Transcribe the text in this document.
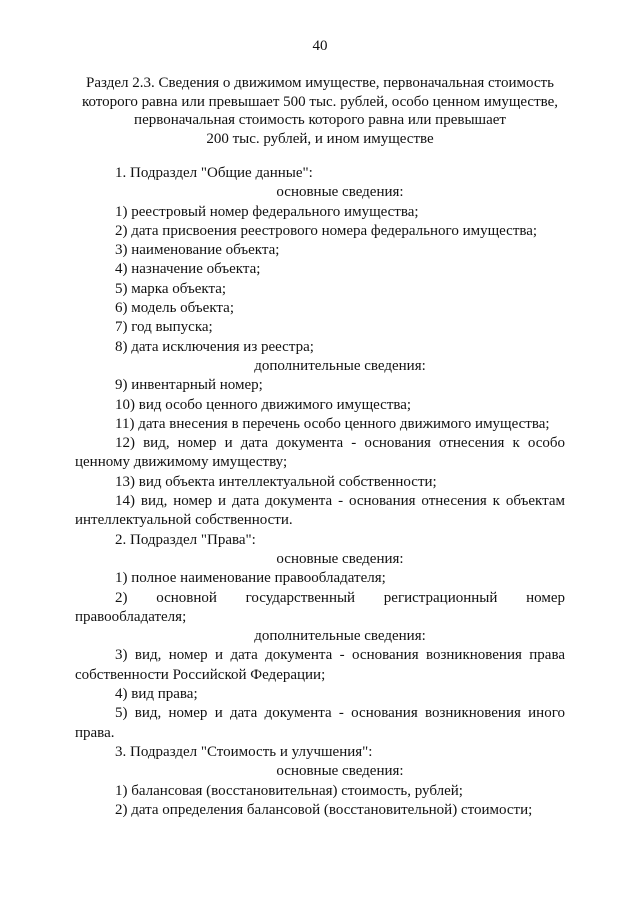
40
Раздел 2.3. Сведения о движимом имуществе, первоначальная стоимость
которого равна или превышает 500 тыс. рублей, особо ценном имуществе,
первоначальная стоимость которого равна или превышает
200 тыс. рублей, и ином имуществе

1. Подраздел "Общие данные":

основные сведения:

1) реестровый номер федерального имущества;

2) дата присвоения реестрового номера федерального имущества;

3) наименование объекта;

4) назначение объекта;

5) марка объекта;

6) модель объекта;

7) год выпуска;

8) дата исключения из реестра;

дополнительные сведения:

9) инвентарный номер;

10) вид особо ценного движимого имущества;

11) дата внесения в перечень особо ценного движимого имущества;

12) вид, номер и дата документа - основания отнесения к особо ценному движимому имуществу;

13) вид объекта интеллектуальной собственности;

14) вид, номер и дата документа - основания отнесения к объектам интеллектуальной собственности.

2. Подраздел "Права":

основные сведения:

1) полное наименование правообладателя;

2) основной государственный регистрационный номер правообладателя;

дополнительные сведения:

3) вид, номер и дата документа - основания возникновения права собственности Российской Федерации;

4) вид права;

5) вид, номер и дата документа - основания возникновения иного права.

3. Подраздел "Стоимость и улучшения":

основные сведения:

1) балансовая (восстановительная) стоимость, рублей;

2) дата определения балансовой (восстановительной) стоимости;
